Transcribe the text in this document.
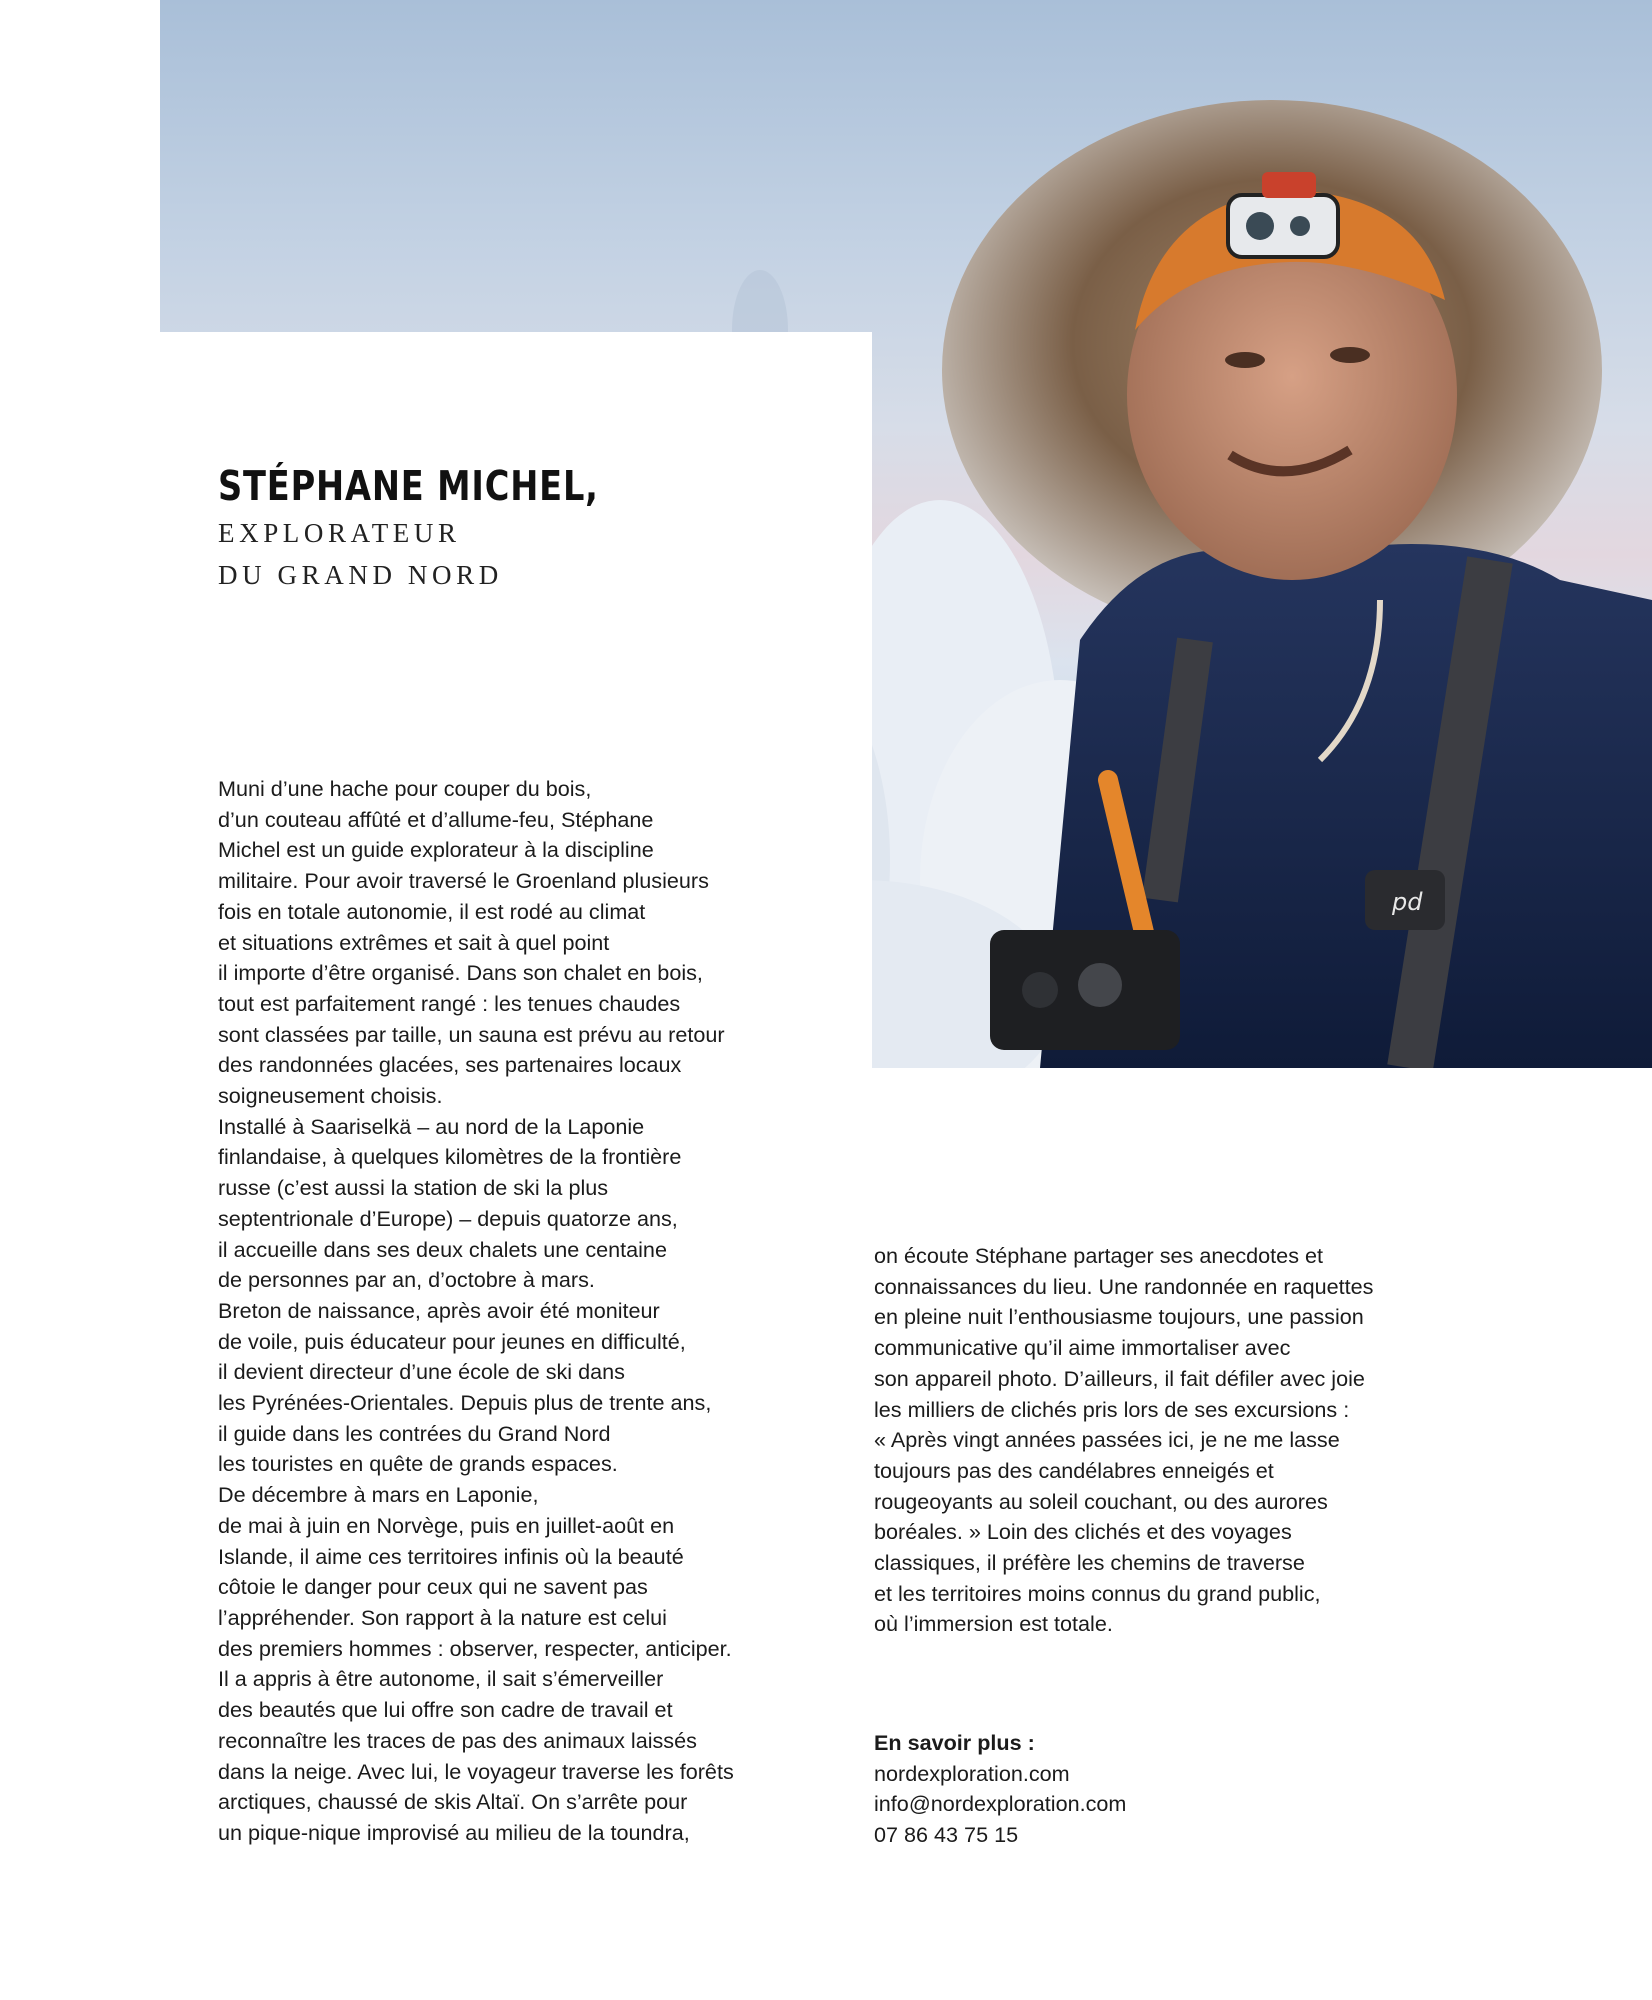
pd
STÉPHANE MICHEL,

EXPLORATEUR

DU GRAND NORD

Muni d’une hache pour couper du bois,

d’un couteau affûté et d’allume-feu, Stéphane

Michel est un guide explorateur à la discipline

militaire. Pour avoir traversé le Groenland plusieurs

fois en totale autonomie, il est rodé au climat

et situations extrêmes et sait à quel point

il importe d’être organisé. Dans son chalet en bois,

tout est parfaitement rangé : les tenues chaudes

sont classées par taille, un sauna est prévu au retour

des randonnées glacées, ses partenaires locaux

soigneusement choisis.

Installé à Saariselkä – au nord de la Laponie

finlandaise, à quelques kilomètres de la frontière

russe (c’est aussi la station de ski la plus

septentrionale d’Europe) – depuis quatorze ans,

il accueille dans ses deux chalets une centaine

de personnes par an, d’octobre à mars.

Breton de naissance, après avoir été moniteur

de voile, puis éducateur pour jeunes en difficulté,

il devient directeur d’une école de ski dans

les Pyrénées-Orientales. Depuis plus de trente ans,

il guide dans les contrées du Grand Nord

les touristes en quête de grands espaces.

De décembre à mars en Laponie,

de mai à juin en Norvège, puis en juillet-août en

Islande, il aime ces territoires infinis où la beauté

côtoie le danger pour ceux qui ne savent pas

l’appréhender. Son rapport à la nature est celui

des premiers hommes : observer, respecter, anticiper.

Il a appris à être autonome, il sait s’émerveiller

des beautés que lui offre son cadre de travail et

reconnaître les traces de pas des animaux laissés

dans la neige. Avec lui, le voyageur traverse les forêts

arctiques, chaussé de skis Altaï. On s’arrête pour

un pique-nique improvisé au milieu de la toundra,

on écoute Stéphane partager ses anecdotes et

connaissances du lieu. Une randonnée en raquettes

en pleine nuit l’enthousiasme toujours, une passion

communicative qu’il aime immortaliser avec

son appareil photo. D’ailleurs, il fait défiler avec joie

les milliers de clichés pris lors de ses excursions :

« Après vingt années passées ici, je ne me lasse

toujours pas des candélabres enneigés et

rougeoyants au soleil couchant, ou des aurores

boréales. » Loin des clichés et des voyages

classiques, il préfère les chemins de traverse

et les territoires moins connus du grand public,

où l’immersion est totale.

En savoir plus :

nordexploration.com

info@nordexploration.com

07 86 43 75 15
